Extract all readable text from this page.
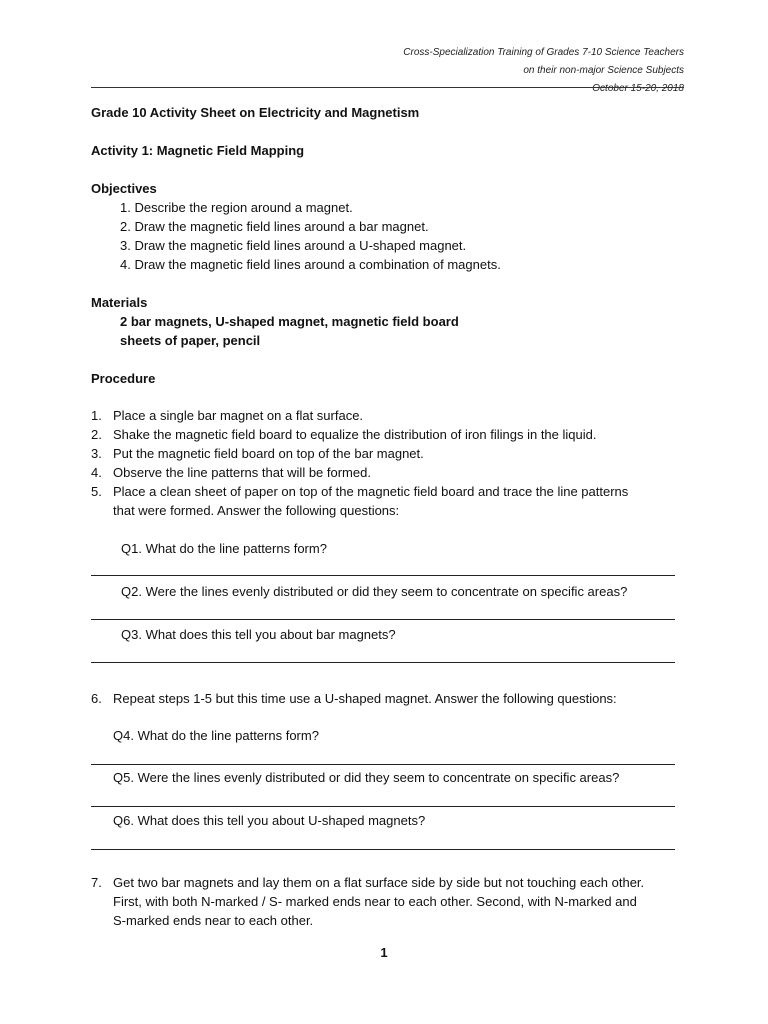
Cross-Specialization Training of Grades 7-10 Science Teachers
on their non-major Science Subjects
October 15-20, 2018
Grade 10 Activity Sheet on Electricity and Magnetism
Activity 1: Magnetic Field Mapping
Objectives
1. Describe the region around a magnet.
2. Draw the magnetic field lines around a bar magnet.
3. Draw the magnetic field lines around a U-shaped magnet.
4. Draw the magnetic field lines around a combination of magnets.
Materials
2 bar magnets, U-shaped magnet, magnetic field board
sheets of paper, pencil
Procedure
1. Place a single bar magnet on a flat surface.
2. Shake the magnetic field board to equalize the distribution of iron filings in the liquid.
3. Put the magnetic field board on top of the bar magnet.
4. Observe the line patterns that will be formed.
5. Place a clean sheet of paper on top of the magnetic field board and trace the line patterns
that were formed. Answer the following questions:
Q1. What do the line patterns form?
Q2. Were the lines evenly distributed or did they seem to concentrate on specific areas?
Q3. What does this tell you about bar magnets?
6. Repeat steps 1-5 but this time use a U-shaped magnet. Answer the following questions:
Q4. What do the line patterns form?
Q5. Were the lines evenly distributed or did they seem to concentrate on specific areas?
Q6. What does this tell you about U-shaped magnets?
7. Get two bar magnets and lay them on a flat surface side by side but not touching each other.
First, with both N-marked / S- marked ends near to each other. Second, with N-marked and
S-marked ends near to each other.
1
